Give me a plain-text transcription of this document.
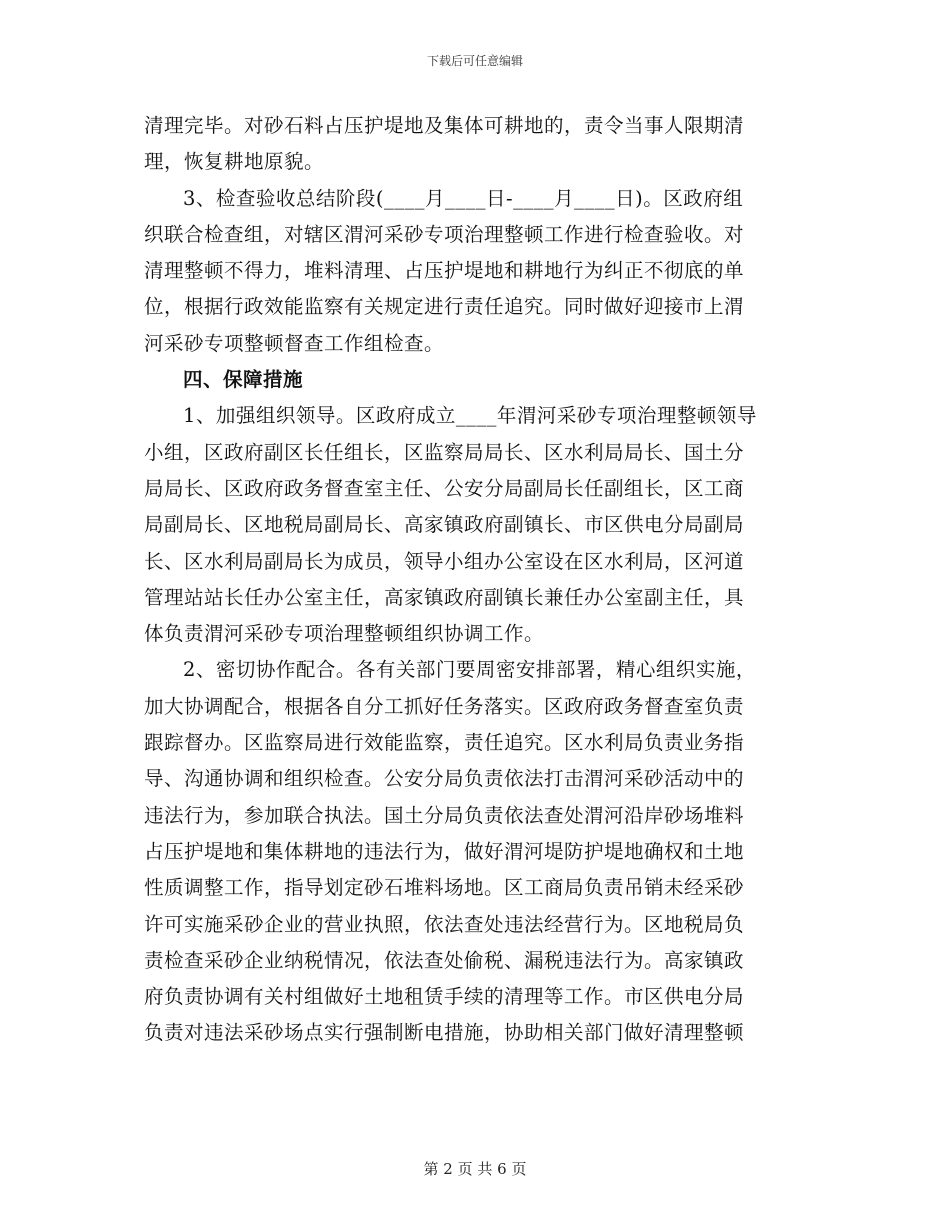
下载后可任意编辑
清理完毕。对砂石料占压护堤地及集体可耕地的，责令当事人限期清
理，恢复耕地原貌。
3、检查验收总结阶段(____月____日-____月____日)。区政府组
织联合检查组，对辖区渭河采砂专项治理整顿工作进行检查验收。对
清理整顿不得力，堆料清理、占压护堤地和耕地行为纠正不彻底的单
位，根据行政效能监察有关规定进行责任追究。同时做好迎接市上渭
河采砂专项整顿督查工作组检查。
四、保障措施
1、加强组织领导。区政府成立____年渭河采砂专项治理整顿领导
小组，区政府副区长任组长，区监察局局长、区水利局局长、国土分
局局长、区政府政务督查室主任、公安分局副局长任副组长，区工商
局副局长、区地税局副局长、高家镇政府副镇长、市区供电分局副局
长、区水利局副局长为成员，领导小组办公室设在区水利局，区河道
管理站站长任办公室主任，高家镇政府副镇长兼任办公室副主任，具
体负责渭河采砂专项治理整顿组织协调工作。
2、密切协作配合。各有关部门要周密安排部署，精心组织实施，
加大协调配合，根据各自分工抓好任务落实。区政府政务督查室负责
跟踪督办。区监察局进行效能监察，责任追究。区水利局负责业务指
导、沟通协调和组织检查。公安分局负责依法打击渭河采砂活动中的
违法行为，参加联合执法。国土分局负责依法查处渭河沿岸砂场堆料
占压护堤地和集体耕地的违法行为，做好渭河堤防护堤地确权和土地
性质调整工作，指导划定砂石堆料场地。区工商局负责吊销未经采砂
许可实施采砂企业的营业执照，依法查处违法经营行为。区地税局负
责检查采砂企业纳税情况，依法查处偷税、漏税违法行为。高家镇政
府负责协调有关村组做好土地租赁手续的清理等工作。市区供电分局
负责对违法采砂场点实行强制断电措施，协助相关部门做好清理整顿
第 2 页 共 6 页
